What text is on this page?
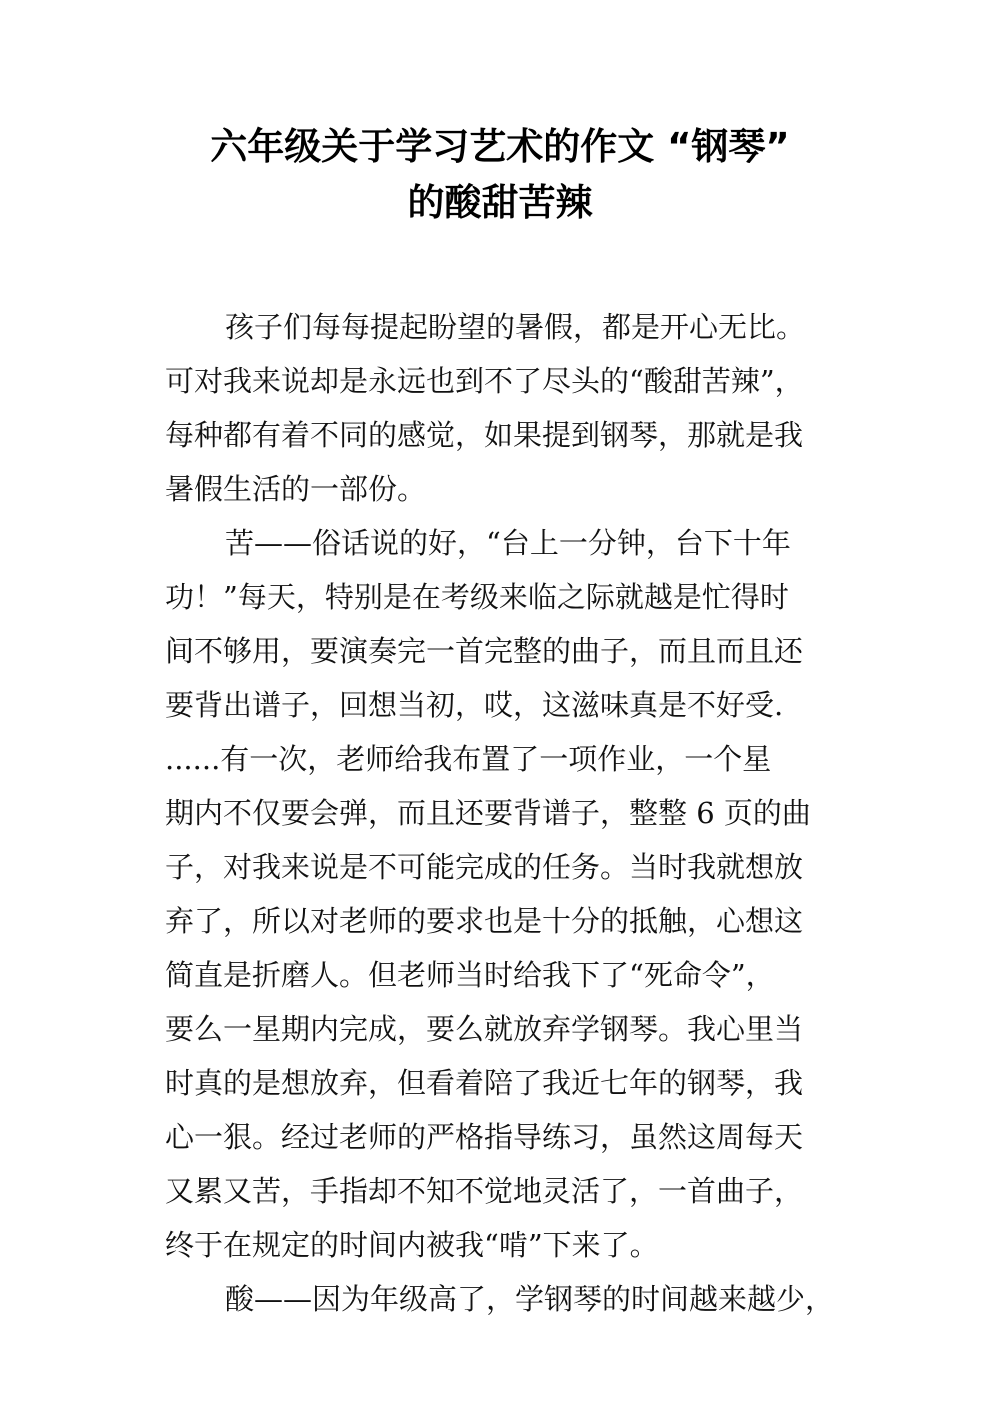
六年级关于学习艺术的作文 “钢琴”
的酸甜苦辣
孩子们每每提起盼望的暑假，都是开心无比。
可对我来说却是永远也到不了尽头的“酸甜苦辣”，
每种都有着不同的感觉，如果提到钢琴，那就是我
暑假生活的一部份。
苦——俗话说的好，“台上一分钟，台下十年
功！”每天，特别是在考级来临之际就越是忙得时
间不够用，要演奏完一首完整的曲子，而且而且还
要背出谱子，回想当初，哎，这滋味真是不好受.
......有一次，老师给我布置了一项作业，一个星
期内不仅要会弹，而且还要背谱子，整整 6 页的曲
子，对我来说是不可能完成的任务。当时我就想放
弃了，所以对老师的要求也是十分的抵触，心想这
简直是折磨人。但老师当时给我下了“死命令”，
要么一星期内完成，要么就放弃学钢琴。我心里当
时真的是想放弃，但看着陪了我近七年的钢琴，我
心一狠。经过老师的严格指导练习，虽然这周每天
又累又苦，手指却不知不觉地灵活了，一首曲子，
终于在规定的时间内被我“啃”下来了。
酸——因为年级高了，学钢琴的时间越来越少，
